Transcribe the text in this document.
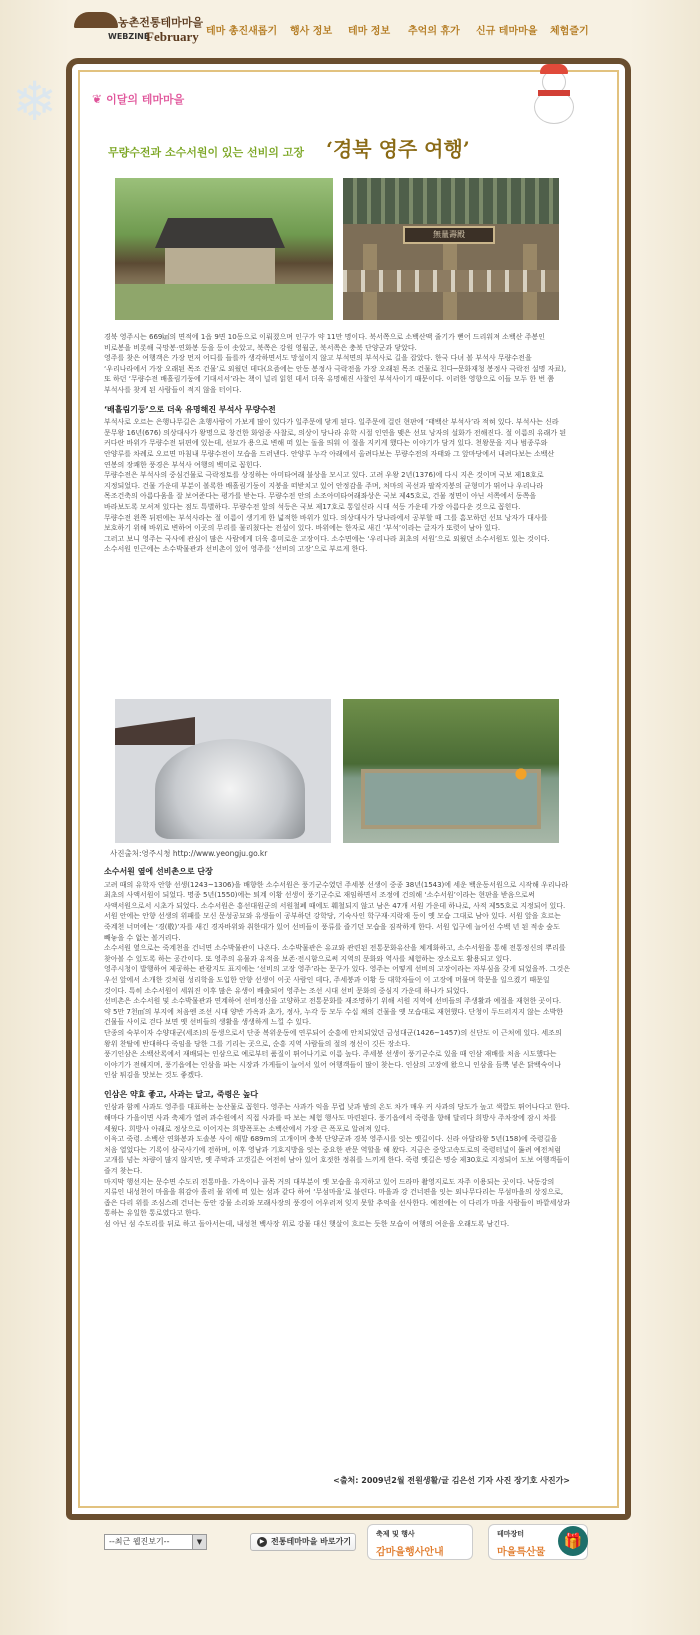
농촌전통테마마을
WEBZINE
February 테마 총진새롭기 행사 정보 테마 정보 추억의 휴가 신규 테마마을 체험즐기
❄	❦ 이달의 테마마을
무량수전과 소수서원이 있는 선비의 고장 ‘경북 영주 여행’
無量壽殿

경북 영주시는 669㎢의 면적에 1읍 9면 10동으로 이뤄졌으며 인구가 약 11만 명이다. 북서쪽으로 소백산맥 줄기가 뻗어 드리워져 소백산 주봉인 비로봉을 비롯해 국망봉·연화봉 등을 등이 솟았고, 북쪽은 강원 영월군, 북서쪽은 충북 단양군과 닿았다.
영주를 찾은 여행객은 가장 먼저 어디를 들를까 생각하면서도 망설이지 않고 부석면의 부석사로 길을 잡았다. 한국 다녀 볼 부석사 무량수전을 ‘우리나라에서 가장 오래된 목조 건물’로 외웠던 데다(요즘에는 안동 봉정사 극락전을 가장 오래된 목조 건물로 친다─문화재청 봉정사 극락전 설명 자료), 또 하던 ‘무량수전 배흘림기둥에 기대서서’라는 책이 널리 읽힌 데서 더욱 유명해진 사찰인 부석사이기 때문이다. 이러한 영향으로 이들 모두 한 번 쯤 부석사를 찾게 된 사람들이 적지 않을 터이다.

‘배흘림기둥’으로 더욱 유명해진 부석사 무량수전

부석사로 오르는 은행나무길은 초행사람이 가보게 많이 있다가 일주문에 닿게 된다. 일주문에 걸린 현판에 ‘태백산 부석사’라 적혀 있다. 부석사는 신라 문무왕 16년(676) 의상대사가 왕명으로 창건한 화엄종 사찰로, 의상이 당나라 유학 시절 인연을 맺은 선묘 낭자의 설화가 전해진다. 절 이름의 유래가 된 커다란 바위가 무량수전 뒤편에 있는데, 선묘가 용으로 변해 떠 있는 돌을 띄워 이 절을 지키게 했다는 이야기가 담겨 있다. 천왕문을 지나 범종루와 안양루를 차례로 오르면 마침내 무량수전이 모습을 드러낸다. 안양루 누각 아래에서 올려다보는 무량수전의 자태와 그 앞마당에서 내려다보는 소백산 연봉의 장쾌한 풍경은 부석사 여행의 백미로 꼽힌다.
무량수전은 부석사의 중심건물로 극락정토를 상징하는 아미타여래 불상을 모시고 있다. 고려 우왕 2년(1376)에 다시 지은 것이며 국보 제18호로 지정되었다. 건물 가운데 부분이 볼록한 배흘림기둥이 지붕을 떠받치고 있어 안정감을 주며, 처마의 곡선과 팔작지붕의 균형미가 뛰어나 우리나라 목조건축의 아름다움을 잘 보여준다는 평가를 받는다. 무량수전 안의 소조아미타여래좌상은 국보 제45호로, 건물 정면이 아닌 서쪽에서 동쪽을 바라보도록 모셔져 있다는 점도 특별하다. 무량수전 앞의 석등은 국보 제17호로 통일신라 시대 석등 가운데 가장 아름다운 것으로 꼽힌다.
무량수전 왼쪽 뒤편에는 부석사라는 절 이름이 생기게 한 넓적한 바위가 있다. 의상대사가 당나라에서 공부할 때 그를 흠모하던 선묘 낭자가 대사를 보호하기 위해 바위로 변하여 이곳의 무리를 물리쳤다는 전설이 있다. 바위에는 한자로 새긴 ‘부석’이라는 글자가 또렷이 남아 있다.
그러고 보니 영주는 국사에 관심이 많은 사람에게 더욱 흥미로운 고장이다. 소수면에는 ‘우리나라 최초의 서원’으로 외웠던 소수서원도 있는 것이다. 소수서원 인근에는 소수박물관과 선비촌이 있어 영주를 ‘선비의 고장’으로 부르게 한다.

사진출처:영주시청 http://www.yeongju.go.kr
소수서원 옆에 선비촌으로 단장

고려 때의 유학자 안향 선생(1243~1306)을 배향한 소수서원은 풍기군수였던 주세붕 선생이 중종 38년(1543)에 세운 백운동서원으로 시작해 우리나라 최초의 사액서원이 되었다. 명종 5년(1550)에는 퇴계 이황 선생이 풍기군수로 재임하면서 조정에 건의해 ‘소수서원’이라는 현판을 받음으로써 사액서원으로서 시초가 되었다. 소수서원은 흥선대원군의 서원철폐 때에도 훼철되지 않고 남은 47개 서원 가운데 하나로, 사적 제55호로 지정되어 있다.
서원 안에는 안향 선생의 위패를 모신 문성공묘와 유생들이 공부하던 강학당, 기숙사인 학구재·지락재 등이 옛 모습 그대로 남아 있다. 서원 앞을 흐르는 죽계천 너머에는 ‘경(敬)’자를 새긴 경자바위와 취한대가 있어 선비들이 풍류를 즐기던 모습을 짐작하게 한다. 서원 입구에 늘어선 수백 년 된 적송 숲도 빼놓을 수 없는 볼거리다.
소수서원 옆으로는 죽계천을 건너면 소수박물관이 나온다. 소수박물관은 유교와 관련된 전통문화유산을 체계화하고, 소수서원을 통해 전통정신의 뿌리를 찾아볼 수 있도록 하는 공간이다. 또 영주의 유물과 유적을 보존·전시함으로써 지역의 문화와 역사를 체험하는 장소로도 활용되고 있다.
영주시청이 발행하여 제공하는 관광지도 표지에는 ‘선비의 고장 영주’라는 문구가 있다. 영주는 어떻게 선비의 고장이라는 자부심을 갖게 되었을까. 그것은 우선 앞에서 소개한 것처럼 성리학을 도입한 안향 선생이 이곳 사람인 데다, 주세붕과 이황 등 대학자들이 이 고장에 머물며 학문을 일으켰기 때문일 것이다. 특히 소수서원이 세워진 이후 많은 유생이 배출되어 영주는 조선 시대 선비 문화의 중심지 가운데 하나가 되었다.
선비촌은 소수서원 및 소수박물관과 연계하여 선비정신을 고양하고 전통문화를 재조명하기 위해 서원 지역에 선비들의 주생활과 예절을 재현한 곳이다. 약 5만 7천㎡의 부지에 처음엔 조선 시대 양반 가옥과 초가, 정사, 누각 등 모두 수십 채의 건물을 옛 모습대로 재현했다. 단청이 두드러지지 않는 소박한 건물들 사이로 걷다 보면 옛 선비들의 생활을 생생하게 느낄 수 있다.
단종의 숙부이자 수양대군(세조)의 동생으로서 단종 복위운동에 연루되어 순흥에 안치되었던 금성대군(1426~1457)의 신단도 이 근처에 있다. 세조의 왕위 찬탈에 반대하다 죽임을 당한 그를 기리는 곳으로, 순흥 지역 사람들의 절의 정신이 깃든 장소다.
풍기인삼은 소백산록에서 재배되는 인삼으로 예로부터 품질이 뛰어나기로 이름 높다. 주세붕 선생이 풍기군수로 있을 때 인삼 재배를 처음 시도했다는 이야기가 전해지며, 풍기읍에는 인삼을 파는 시장과 가게들이 늘어서 있어 여행객들이 많이 찾는다. 인삼의 고장에 왔으니 인삼을 듬뿍 넣은 닭백숙이나 인삼 튀김을 맛보는 것도 좋겠다.

인삼은 약효 좋고, 사과는 달고, 죽령은 높다

인삼과 함께 사과도 영주를 대표하는 농산물로 꼽힌다. 영주는 사과가 익을 무렵 낮과 밤의 온도 차가 매우 커 사과의 당도가 높고 색깔도 뛰어나다고 한다. 해마다 가을이면 사과 축제가 열려 과수원에서 직접 사과를 따 보는 체험 행사도 마련된다. 풍기읍에서 죽령을 향해 달리다 희방사 주차장에 잠시 차를 세웠다. 희방사 아래로 정상으로 이어지는 희방폭포는 소백산에서 가장 큰 폭포로 알려져 있다.
이윽고 죽령. 소백산 연화봉과 도솔봉 사이 해발 689m의 고개이며 충북 단양군과 경북 영주시를 잇는 옛길이다. 신라 아달라왕 5년(158)에 죽령길을 처음 열었다는 기록이 삼국사기에 전하며, 이후 영남과 기호지방을 잇는 중요한 관문 역할을 해 왔다. 지금은 중앙고속도로의 죽령터널이 뚫려 예전처럼 고개를 넘는 차량이 많지 않지만, 옛 주막과 고갯길은 여전히 남아 있어 호젓한 정취를 느끼게 한다. 죽령 옛길은 명승 제30호로 지정되어 도보 여행객들이 즐겨 찾는다.
마지막 행선지는 문수면 수도리 전통마을. 가옥이나 골목 거의 대부분이 옛 모습을 유지하고 있어 드라마 촬영지로도 자주 이용되는 곳이다. 낙동강의 지류인 내성천이 마을을 휘감아 흘러 물 위에 떠 있는 섬과 같다 하여 ‘무섬마을’로 불린다. 마을과 강 건너편을 잇는 외나무다리는 무섬마을의 상징으로, 좁은 다리 위를 조심스레 건너는 동안 강물 소리와 모래사장의 풍경이 어우러져 잊지 못할 추억을 선사한다. 예전에는 이 다리가 마을 사람들이 바깥세상과 통하는 유일한 통로였다고 한다.
섬 아닌 섬 수도리를 뒤로 하고 돌아서는데, 내성천 백사장 위로 강물 대신 햇살이 흐르는 듯한 모습이 여행의 여운을 오래도록 남긴다.

<출처: 2009년2월 전원생활/글 김은선 기자 사진 장기호 사진가>
--최근 웹진보기--	▼	▶ 전통테마마을 바로가기
축제 및 행사
감마을행사안내
테마장터
마을특산물
🎁
